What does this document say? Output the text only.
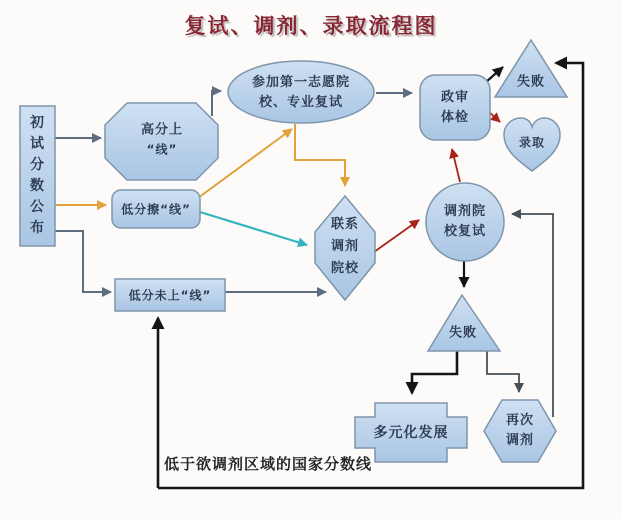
复试、调剂、录取流程图
初试分数公布
高分上
“线”
低分擦“线”
低分未上“线”
参加第一志愿院
校、专业复试	政审
体检
失败
录取
联系
调剂
院校
调剂院
校复试
失败
多元化发展
再次
调剂
低于欲调剂区域的国家分数线
